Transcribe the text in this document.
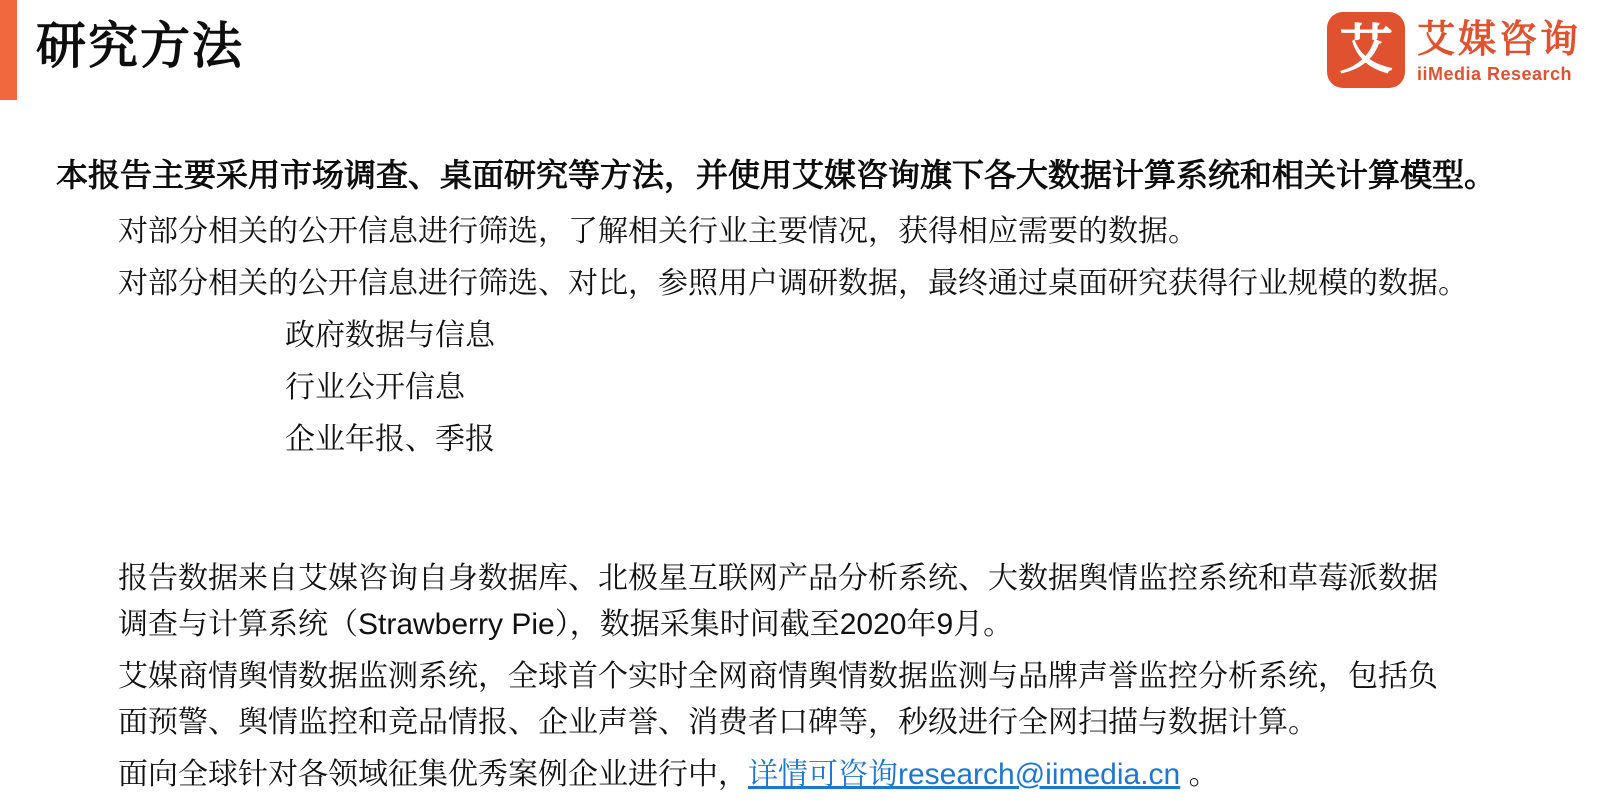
研究方法	艾 艾媒咨询
iiMedia Research
本报告主要采用市场调查、桌面研究等方法，并使用艾媒咨询旗下各大数据计算系统和相关计算模型。
对部分相关的公开信息进行筛选，了解相关行业主要情况，获得相应需要的数据。
对部分相关的公开信息进行筛选、对比，参照用户调研数据，最终通过桌面研究获得行业规模的数据。
政府数据与信息
行业公开信息
企业年报、季报

报告数据来自艾媒咨询自身数据库、北极星互联网产品分析系统、大数据舆情监控系统和草莓派数据调查与计算系统（Strawberry Pie），数据采集时间截至2020年9月。

艾媒商情舆情数据监测系统，全球首个实时全网商情舆情数据监测与品牌声誉监控分析系统，包括负面预警、舆情监控和竞品情报、企业声誉、消费者口碑等，秒级进行全网扫描与数据计算。

面向全球针对各领域征集优秀案例企业进行中，详情可咨询research@iimedia.cn 。
